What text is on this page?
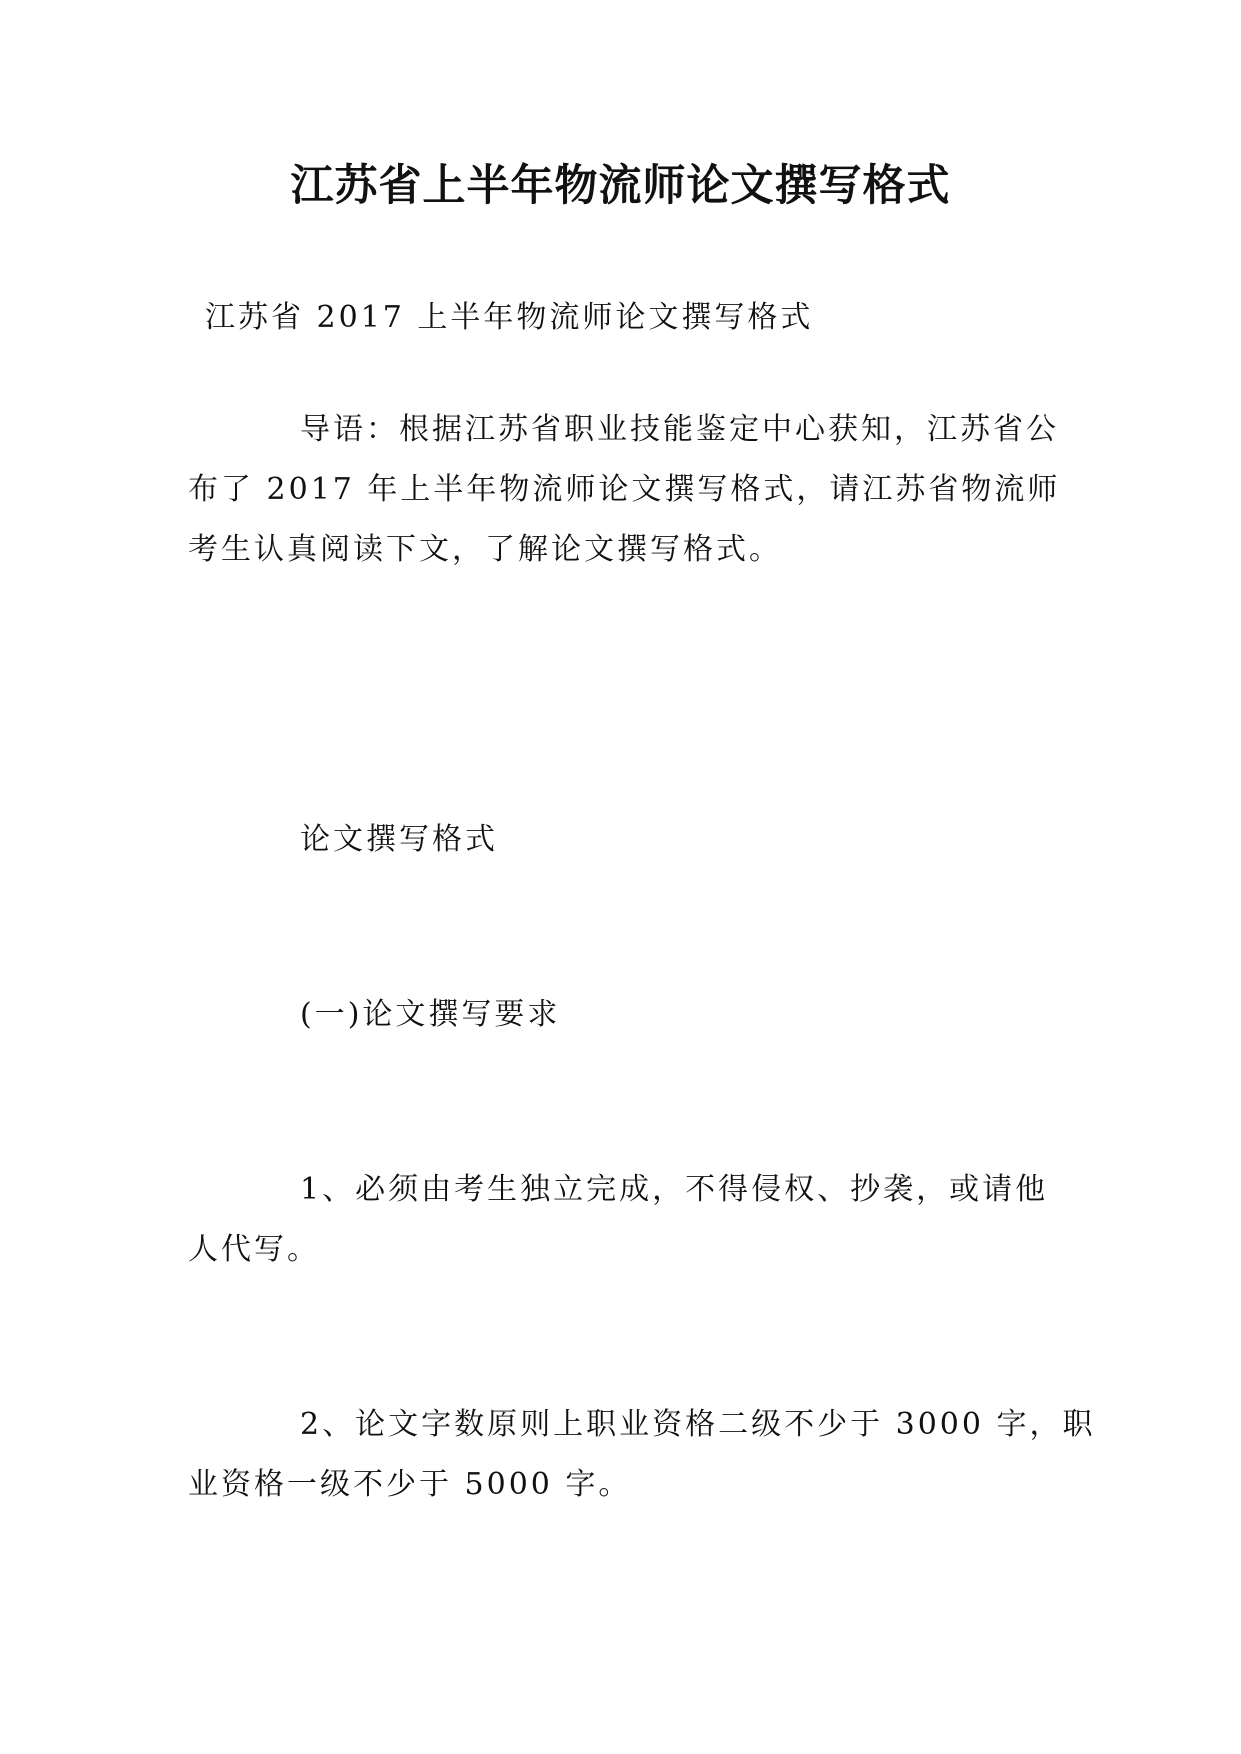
江苏省上半年物流师论文撰写格式
江苏省 2017 上半年物流师论文撰写格式
导语：根据江苏省职业技能鉴定中心获知，江苏省公
布了 2017 年上半年物流师论文撰写格式，请江苏省物流师
考生认真阅读下文，了解论文撰写格式。
论文撰写格式
(一)论文撰写要求
1、必须由考生独立完成，不得侵权、抄袭，或请他
人代写。
2、论文字数原则上职业资格二级不少于 3000 字，职
业资格一级不少于 5000 字。
